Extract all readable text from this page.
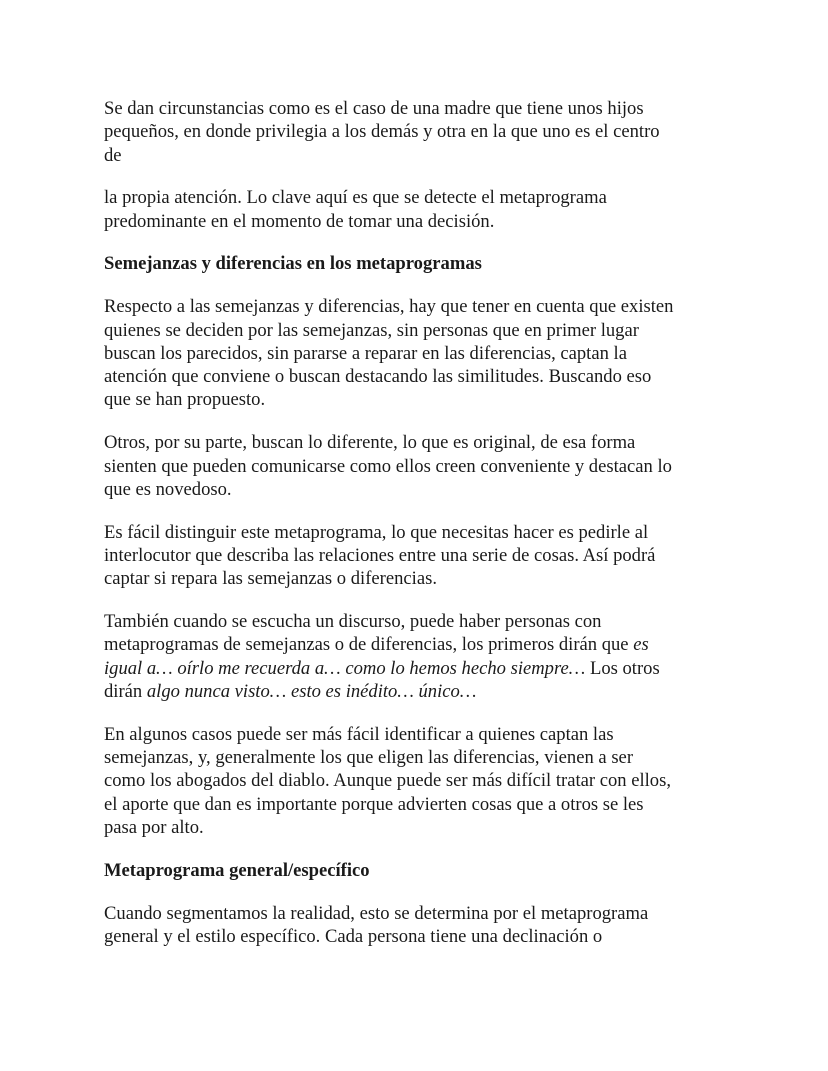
Se dan circunstancias como es el caso de una madre que tiene unos hijos
pequeños, en donde privilegia a los demás y otra en la que uno es el centro
de

la propia atención. Lo clave aquí es que se detecte el metaprograma
predominante en el momento de tomar una decisión.

Semejanzas y diferencias en los metaprogramas

Respecto a las semejanzas y diferencias, hay que tener en cuenta que existen
quienes se deciden por las semejanzas, sin personas que en primer lugar
buscan los parecidos, sin pararse a reparar en las diferencias, captan la
atención que conviene o buscan destacando las similitudes. Buscando eso
que se han propuesto.

Otros, por su parte, buscan lo diferente, lo que es original, de esa forma
sienten que pueden comunicarse como ellos creen conveniente y destacan lo
que es novedoso.

Es fácil distinguir este metaprograma, lo que necesitas hacer es pedirle al
interlocutor que describa las relaciones entre una serie de cosas. Así podrá
captar si repara las semejanzas o diferencias.

También cuando se escucha un discurso, puede haber personas con
metaprogramas de semejanzas o de diferencias, los primeros dirán que es
igual a… oírlo me recuerda a… como lo hemos hecho siempre… Los otros
dirán algo nunca visto… esto es inédito… único…

En algunos casos puede ser más fácil identificar a quienes captan las
semejanzas, y, generalmente los que eligen las diferencias, vienen a ser
como los abogados del diablo. Aunque puede ser más difícil tratar con ellos,
el aporte que dan es importante porque advierten cosas que a otros se les
pasa por alto.

Metaprograma general/específico

Cuando segmentamos la realidad, esto se determina por el metaprograma
general y el estilo específico. Cada persona tiene una declinación o
